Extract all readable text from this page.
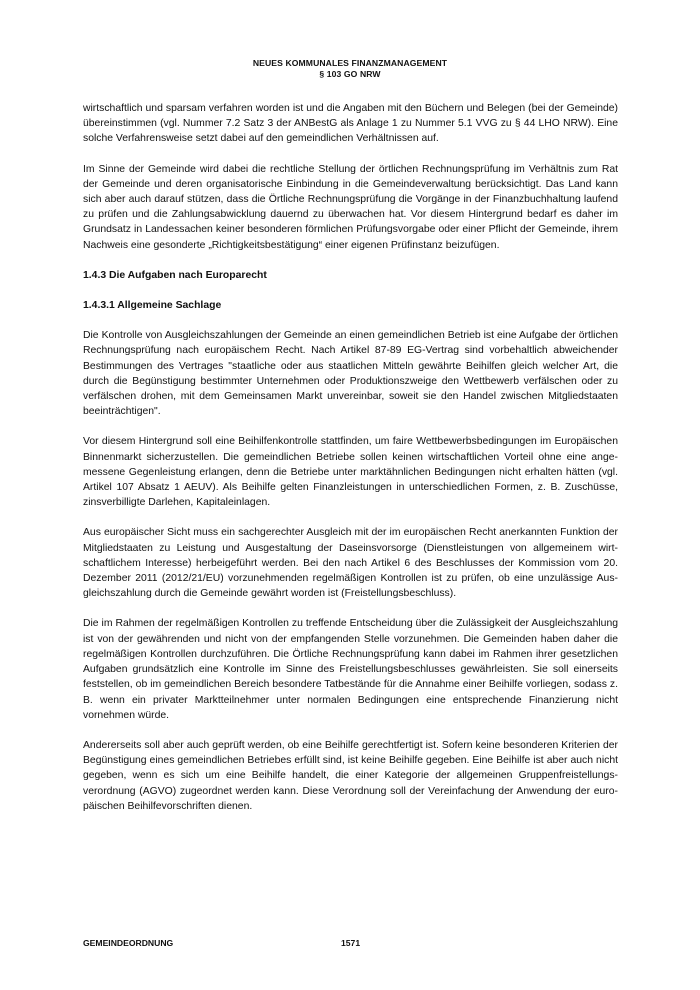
NEUES KOMMUNALES FINANZMANAGEMENT
§ 103 GO NRW

wirtschaftlich und sparsam verfahren worden ist und die Angaben mit den Büchern und Belegen (bei der Gemeinde) übereinstimmen (vgl. Nummer 7.2 Satz 3 der ANBestG als Anlage 1 zu Nummer 5.1 VVG zu § 44 LHO NRW). Eine solche Verfahrensweise setzt dabei auf den gemeindlichen Verhältnissen auf.

Im Sinne der Gemeinde wird dabei die rechtliche Stellung der örtlichen Rechnungsprüfung im Verhältnis zum Rat der Gemeinde und deren organisatorische Einbindung in die Gemeindeverwaltung berücksichtigt. Das Land kann sich aber auch darauf stützen, dass die Örtliche Rechnungsprüfung die Vorgänge in der Finanzbuchhaltung laufend zu prüfen und die Zahlungsabwicklung dauernd zu überwachen hat. Vor diesem Hintergrund bedarf es daher im Grundsatz in Landessachen keiner besonderen förmlichen Prüfungsvorgabe oder einer Pflicht der Gemeinde, ihrem Nachweis eine gesonderte „Richtigkeitsbestätigung“ einer eigenen Prüfinstanz beizufügen.

1.4.3 Die Aufgaben nach Europarecht
1.4.3.1 Allgemeine Sachlage

Die Kontrolle von Ausgleichszahlungen der Gemeinde an einen gemeindlichen Betrieb ist eine Aufgabe der örtlichen Rechnungsprüfung nach europäischem Recht. Nach Artikel 87-89 EG-Vertrag sind vorbehaltlich abweichender Bestimmungen des Vertrages "staatliche oder aus staatlichen Mitteln gewährte Beihilfen gleich welcher Art, die durch die Begünstigung bestimmter Unternehmen oder Produktionszweige den Wettbewerb verfälschen oder zu verfälschen drohen, mit dem Gemeinsamen Markt unvereinbar, soweit sie den Handel zwischen Mitgliedstaaten beeinträchtigen".

Vor diesem Hintergrund soll eine Beihilfenkontrolle stattfinden, um faire Wettbewerbsbedingungen im Europäischen Binnenmarkt sicherzustellen. Die gemeindlichen Betriebe sollen keinen wirtschaftlichen Vorteil ohne eine angemessene Gegenleistung erlangen, denn die Betriebe unter marktähnlichen Bedingungen nicht erhalten hätten (vgl. Artikel 107 Absatz 1 AEUV). Als Beihilfe gelten Finanzleistungen in unterschiedlichen Formen, z. B. Zuschüsse, zinsverbilligte Darlehen, Kapitaleinlagen.

Aus europäischer Sicht muss ein sachgerechter Ausgleich mit der im europäischen Recht anerkannten Funktion der Mitgliedstaaten zu Leistung und Ausgestaltung der Daseinsvorsorge (Dienstleistungen von allgemeinem wirtschaftlichem Interesse) herbeigeführt werden. Bei den nach Artikel 6 des Beschlusses der Kommission vom 20. Dezember 2011 (2012/21/EU) vorzunehmenden regelmäßigen Kontrollen ist zu prüfen, ob eine unzulässige Ausgleichszahlung durch die Gemeinde gewährt worden ist (Freistellungsbeschluss).

Die im Rahmen der regelmäßigen Kontrollen zu treffende Entscheidung über die Zulässigkeit der Ausgleichszahlung ist von der gewährenden und nicht von der empfangenden Stelle vorzunehmen. Die Gemeinden haben daher die regelmäßigen Kontrollen durchzuführen. Die Örtliche Rechnungsprüfung kann dabei im Rahmen ihrer gesetzlichen Aufgaben grundsätzlich eine Kontrolle im Sinne des Freistellungsbeschlusses gewährleisten. Sie soll einerseits feststellen, ob im gemeindlichen Bereich besondere Tatbestände für die Annahme einer Beihilfe vorliegen, sodass z. B. wenn ein privater Marktteilnehmer unter normalen Bedingungen eine entsprechende Finanzierung nicht vornehmen würde.

Andererseits soll aber auch geprüft werden, ob eine Beihilfe gerechtfertigt ist. Sofern keine besonderen Kriterien der Begünstigung eines gemeindlichen Betriebes erfüllt sind, ist keine Beihilfe gegeben. Eine Beihilfe ist aber auch nicht gegeben, wenn es sich um eine Beihilfe handelt, die einer Kategorie der allgemeinen Gruppenfreistellungsverordnung (AGVO) zugeordnet werden kann. Diese Verordnung soll der Vereinfachung der Anwendung der europäischen Beihilfevorschriften dienen.

GEMEINDEORDNUNG	1571
